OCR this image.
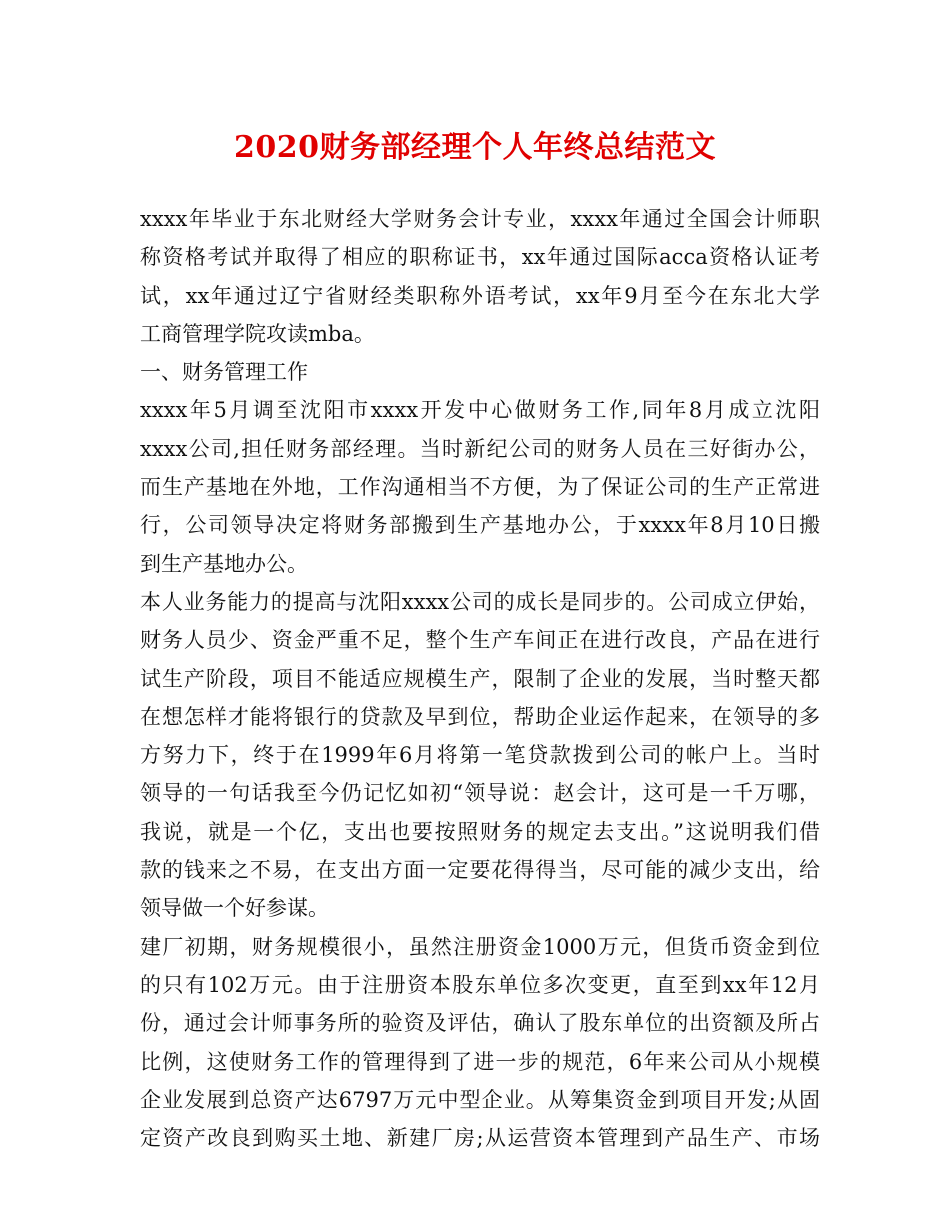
2020财务部经理个人年终总结范文
xxxx年毕业于东北财经大学财务会计专业，xxxx年通过全国会计师职
称资格考试并取得了相应的职称证书，xx年通过国际acca资格认证考
试，xx年通过辽宁省财经类职称外语考试，xx年9月至今在东北大学
工商管理学院攻读mba。
一、财务管理工作
xxxx年5月调至沈阳市xxxx开发中心做财务工作,同年8月成立沈阳
xxxx公司,担任财务部经理。当时新纪公司的财务人员在三好街办公，
而生产基地在外地，工作沟通相当不方便，为了保证公司的生产正常进
行，公司领导决定将财务部搬到生产基地办公，于xxxx年8月10日搬
到生产基地办公。
本人业务能力的提高与沈阳xxxx公司的成长是同步的。公司成立伊始，
财务人员少、资金严重不足，整个生产车间正在进行改良，产品在进行
试生产阶段，项目不能适应规模生产，限制了企业的发展，当时整天都
在想怎样才能将银行的贷款及早到位，帮助企业运作起来，在领导的多
方努力下，终于在1999年6月将第一笔贷款拨到公司的帐户上。当时
领导的一句话我至今仍记忆如初“领导说：赵会计，这可是一千万哪，
我说，就是一个亿，支出也要按照财务的规定去支出。”这说明我们借
款的钱来之不易，在支出方面一定要花得得当，尽可能的减少支出，给
领导做一个好参谋。
建厂初期，财务规模很小，虽然注册资金1000万元，但货币资金到位
的只有102万元。由于注册资本股东单位多次变更，直至到xx年12月
份，通过会计师事务所的验资及评估，确认了股东单位的出资额及所占
比例，这使财务工作的管理得到了进一步的规范，6年来公司从小规模
企业发展到总资产达6797万元中型企业。从筹集资金到项目开发;从固
定资产改良到购买土地、新建厂房;从运营资本管理到产品生产、市场
